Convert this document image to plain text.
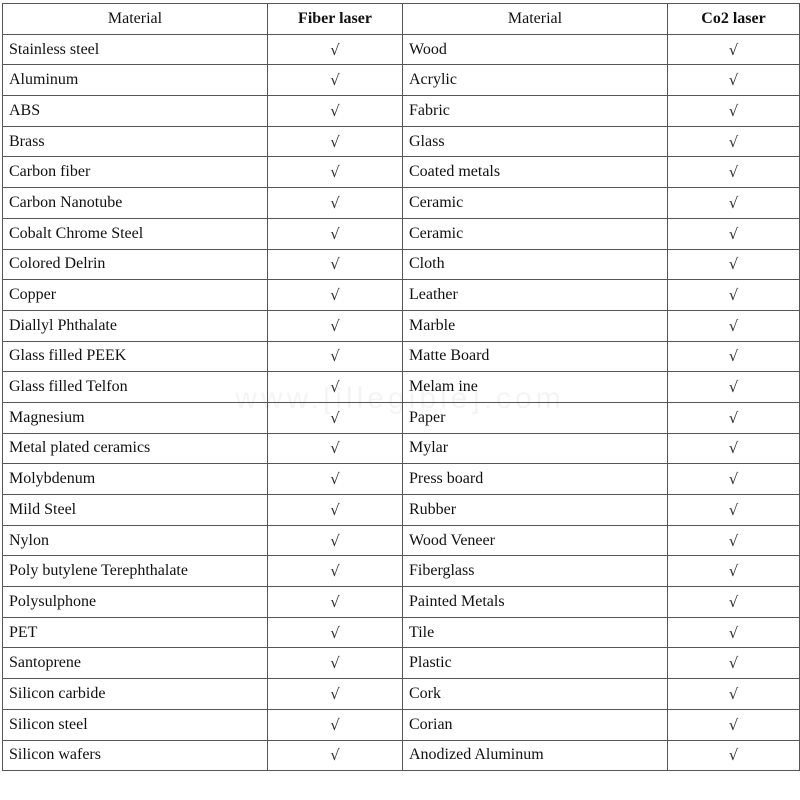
Material	Fiber laser	Material	Co2 laser
Stainless steel	√	Wood	√
Aluminum	√	Acrylic	√
ABS	√	Fabric	√
Brass	√	Glass	√
Carbon fiber	√	Coated metals	√
Carbon Nanotube	√	Ceramic	√
Cobalt Chrome Steel	√	Ceramic	√
Colored Delrin	√	Cloth	√
Copper	√	Leather	√
Diallyl Phthalate	√	Marble	√
Glass filled PEEK	√	Matte Board	√
Glass filled Telfon	√	Melam ine	√
Magnesium	√	Paper	√
Metal plated ceramics	√	Mylar	√
Molybdenum	√	Press board	√
Mild Steel	√	Rubber	√
Nylon	√	Wood Veneer	√
Poly butylene Terephthalate	√	Fiberglass	√
Polysulphone	√	Painted Metals	√
PET	√	Tile	√
Santoprene	√	Plastic	√
Silicon carbide	√	Cork	√
Silicon steel	√	Corian	√
Silicon wafers	√	Anodized Aluminum	√
